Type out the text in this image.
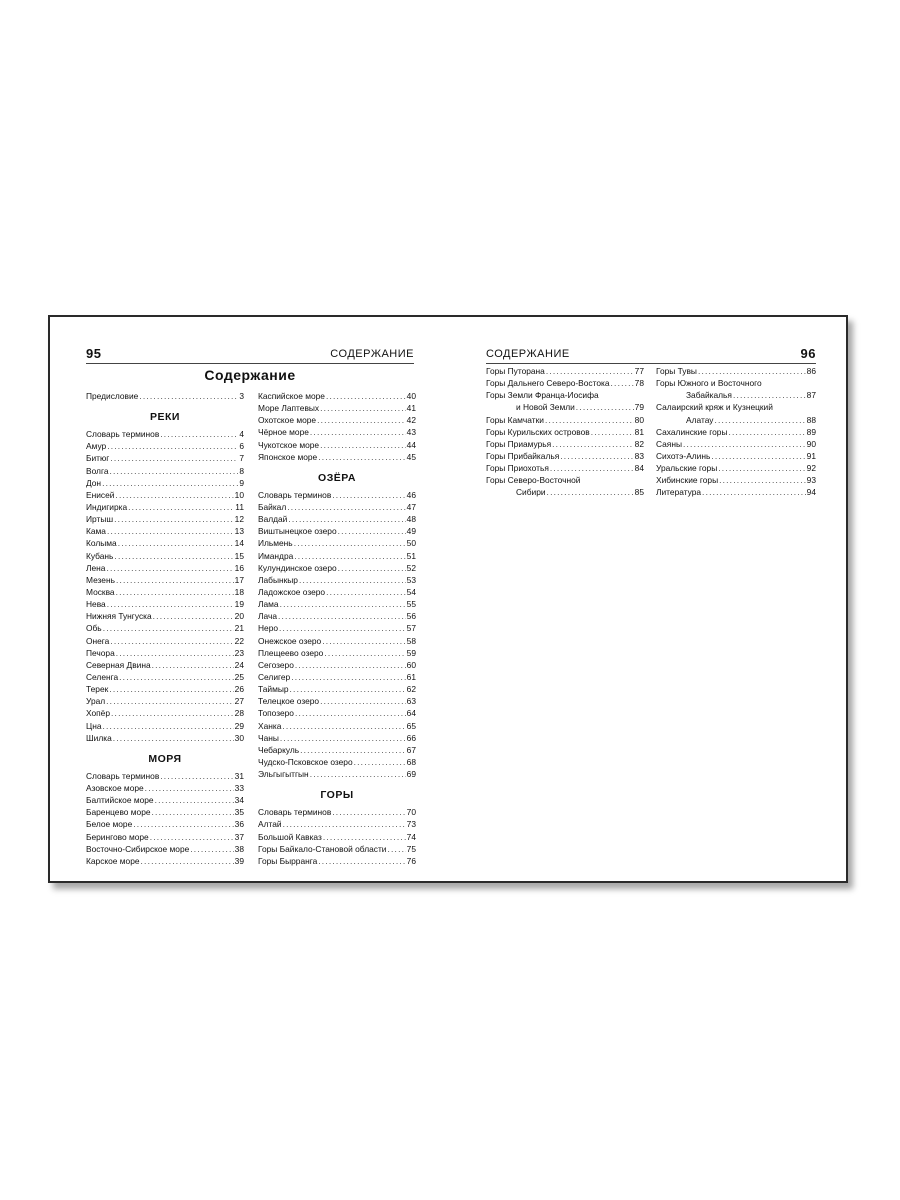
95	СОДЕРЖАНИЕ
Содержание
Предисловие .....	3
РЕКИ
Словарь терминов .....	4
Амур .....	6
Битюг .....	7
Волга .....	8
Дон .....	9
Енисей .....	10
Индигирка .....	11
Иртыш .....	12
Кама .....	13
Колыма .....	14
Кубань .....	15
Лена .....	16
Мезень .....	17
Москва .....	18
Нева .....	19
Нижняя Тунгуска .....	20
Обь .....	21
Онега .....	22
Печора .....	23
Северная Двина .....	24
Селенга .....	25
Терек .....	26
Урал .....	27
Хопёр .....	28
Цна .....	29
Шилка .....	30
МОРЯ
Словарь терминов .....	31
Азовское море .....	33
Балтийское море .....	34
Баренцево море .....	35
Белое море .....	36
Берингово море .....	37
Восточно-Сибирское море .....	38
Карское море .....	39
Каспийское море .....	40
Море Лаптевых .....	41
Охотское море .....	42
Чёрное море .....	43
Чукотское море .....	44
Японское море .....	45
ОЗЁРА
Словарь терминов .....	46
Байкал .....	47
Валдай .....	48
Виштынецкое озеро .....	49
Ильмень .....	50
Имандра .....	51
Кулундинское озеро .....	52
Лабынкыр .....	53
Ладожское озеро .....	54
Лама .....	55
Лача .....	56
Неро .....	57
Онежское озеро .....	58
Плещеево озеро .....	59
Сегозеро .....	60
Селигер .....	61
Таймыр .....	62
Телецкое озеро .....	63
Топозеро .....	64
Ханка .....	65
Чаны .....	66
Чебаркуль .....	67
Чудско-Псковское озеро .....	68
Эльгыгытгын .....	69
ГОРЫ
Словарь терминов .....	70
Алтай .....	73
Большой Кавказ .....	74
Горы Байкало-Становой области ..... 75
Горы Бырранга .....	76
СОДЕРЖАНИЕ	96
Горы Путорана .....	77
Горы Дальнего Северо-Востока .....	78
Горы Земли Франца-Иосифа
и Новой Земли .....	79
Горы Камчатки .....	80
Горы Курильских островов .....	81
Горы Приамурья .....	82
Горы Прибайкалья .....	83
Горы Приохотья .....	84
Горы Северо-Восточной
Сибири .....	85
Горы Тувы .....	86
Горы Южного и Восточного
Забайкалья .....	87
Салаирский кряж и Кузнецкий
Алатау .....	88
Сахалинские горы .....	89
Саяны .....	90
Сихотэ-Алинь .....	91
Уральские горы .....	92
Хибинские горы .....	93
Литература .....	94
